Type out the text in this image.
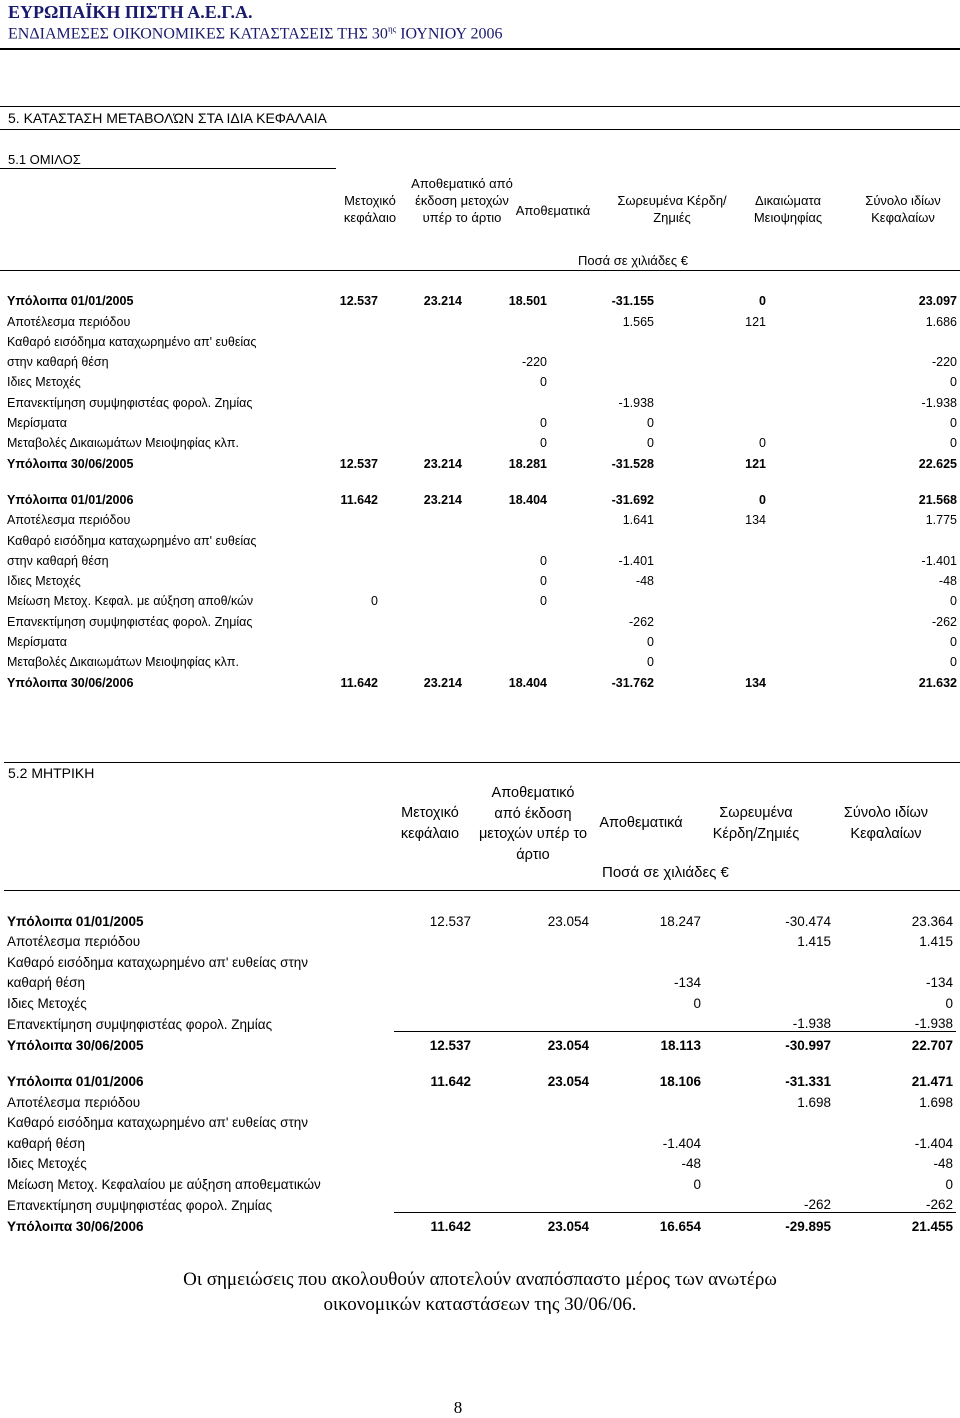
ΕΥΡΩΠΑΪΚΗ ΠΙΣΤΗ Α.Ε.Γ.Α.
ΕΝΔΙΑΜΕΣΕΣ ΟΙΚΟΝΟΜΙΚΕΣ ΚΑΤΑΣΤΑΣΕΙΣ ΤΗΣ $30^{\eta\varsigma}$ ΙΟΥΝΙΟΥ 2006
5. ΚΑΤΑΣΤΑΣΗ ΜΕΤΑΒΟΛΏΝ ΣΤΑ ΙΔΙΑ ΚΕΦΑΛΑΙΑ
5.1 ΟΜΙΛΟΣ
Μετοχικό κεφάλαιο
Αποθεματικό από έκδοση μετοχών υπέρ το άρτιο	Αποθεματικά
Σωρευμένα Κέρδη/Ζημιές
Δικαιώματα Μειοψηφίας
Σύνολο ιδίων Κεφαλαίων
Ποσά σε χιλιάδες €
Υπόλοιπα 01/01/2005	12.537	23.214	18.501	-31.155	0	23.097
Αποτέλεσμα περιόδου				1.565	121	1.686
Καθαρό εισόδημα καταχωρημένο απ' ευθείας						
στην καθαρή θέση			-220			-220
Ιδιες Μετοχές			0			0
Επανεκτίμηση συμψηφιστέας φορολ. Ζημίας				-1.938		-1.938
Μερίσματα			0	0		0
Μεταβολές Δικαιωμάτων Μειοψηφίας κλπ.			0	0	0	0
Υπόλοιπα 30/06/2005	12.537	23.214	18.281	-31.528	121	22.625

Υπόλοιπα 01/01/2006	11.642	23.214	18.404	-31.692	0	21.568
Αποτέλεσμα περιόδου				1.641	134	1.775
Καθαρό εισόδημα καταχωρημένο απ' ευθείας						
στην καθαρή θέση			0	-1.401		-1.401
Ιδιες Μετοχές			0	-48		-48
Μείωση Μετοχ. Κεφαλ. με αύξηση αποθ/κών	0		0			0
Επανεκτίμηση συμψηφιστέας φορολ. Ζημίας				-262		-262
Μερίσματα				0		0
Μεταβολές Δικαιωμάτων Μειοψηφίας κλπ.				0		0
Υπόλοιπα 30/06/2006	11.642	23.214	18.404	-31.762	134	21.632
5.2 ΜΗΤΡΙΚΗ
Μετοχικό κεφάλαιο
Αποθεματικό από έκδοση μετοχών υπέρ το άρτιο
Αποθεματικά
Σωρευμένα Κέρδη/Ζημιές
Σύνολο ιδίων Κεφαλαίων
Ποσά σε χιλιάδες €
Υπόλοιπα 01/01/2005	12.537	23.054	18.247	-30.474	23.364
Αποτέλεσμα περιόδου				1.415	1.415
Καθαρό εισόδημα καταχωρημένο απ' ευθείας στην					
καθαρή θέση			-134		-134
Ιδιες Μετοχές			0		0
Επανεκτίμηση συμψηφιστέας φορολ. Ζημίας				-1.938	-1.938
Υπόλοιπα 30/06/2005	12.537	23.054	18.113	-30.997	22.707

Υπόλοιπα 01/01/2006	11.642	23.054	18.106	-31.331	21.471
Αποτέλεσμα περιόδου				1.698	1.698
Καθαρό εισόδημα καταχωρημένο απ' ευθείας στην					
καθαρή θέση			-1.404		-1.404
Ιδιες Μετοχές			-48		-48
Μείωση Μετοχ. Κεφαλαίου με αύξηση αποθεματικών			0		0
Επανεκτίμηση συμψηφιστέας φορολ. Ζημίας				-262	-262
Υπόλοιπα 30/06/2006	11.642	23.054	16.654	-29.895	21.455
Οι σημειώσεις που ακολουθούν αποτελούν αναπόσπαστο μέρος των ανωτέρω
οικονομικών καταστάσεων της 30/06/06.
8
